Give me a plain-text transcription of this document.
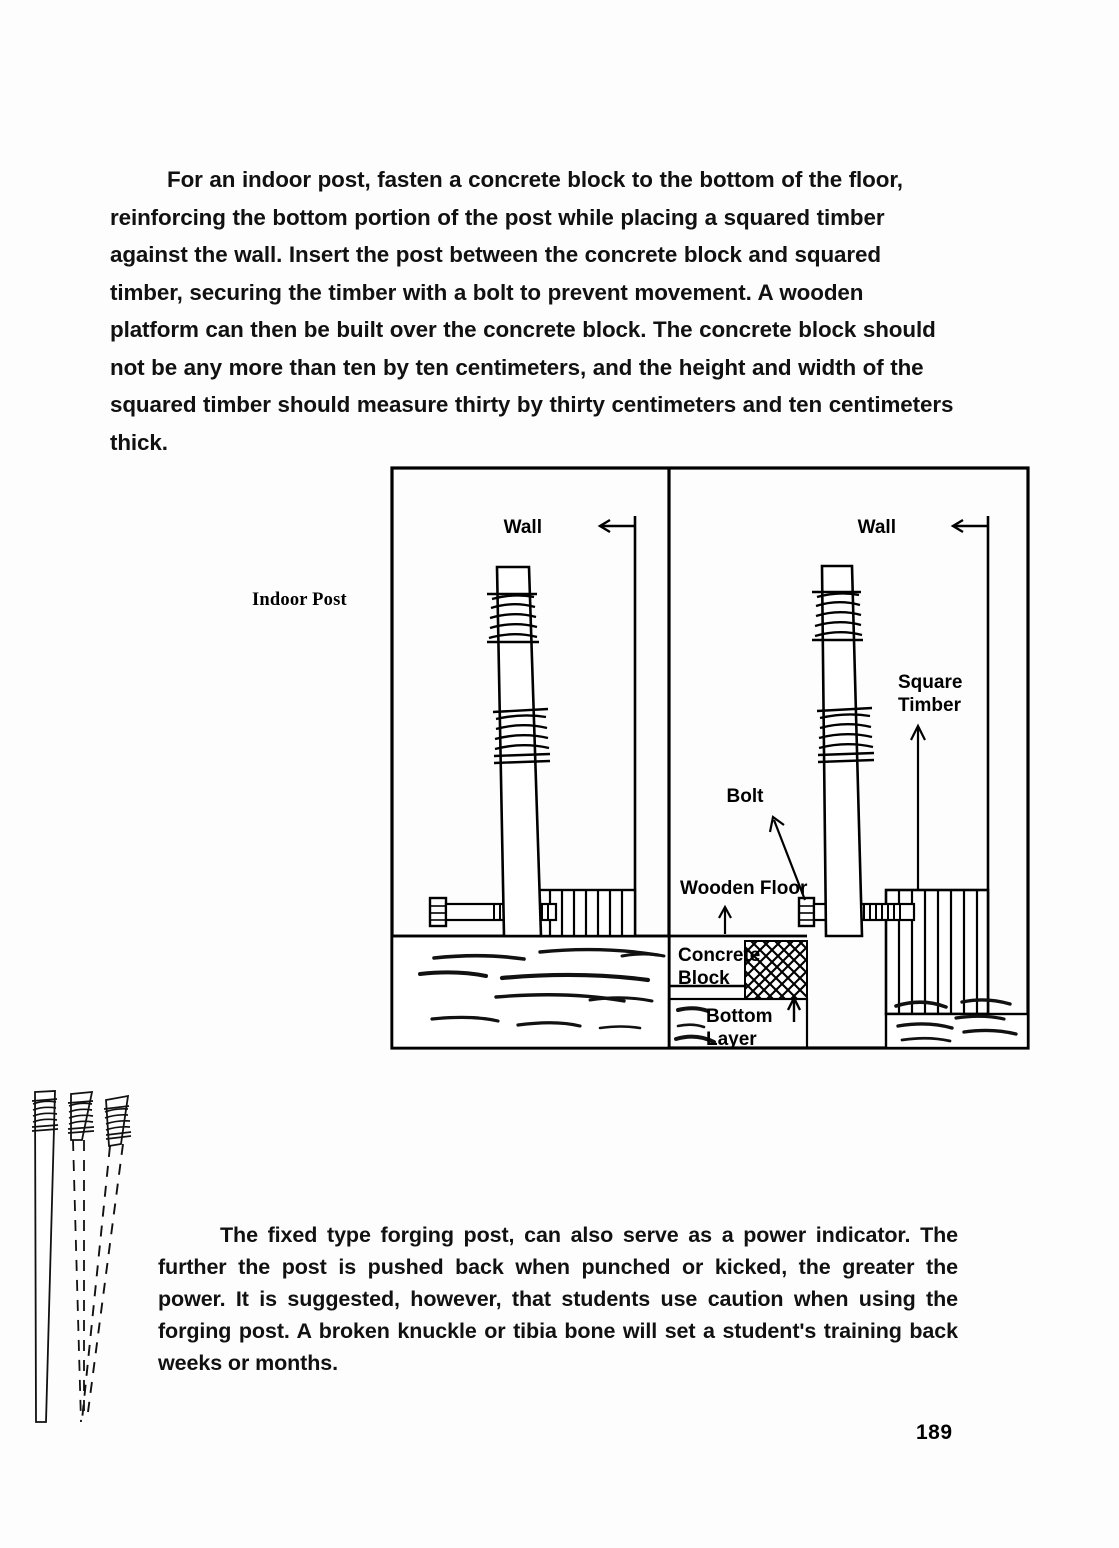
For an indoor post, fasten a concrete block to the bottom of the floor, reinforcing the bottom portion of the post while placing a squared timber against the wall. Insert the post between the concrete block and squared timber, securing the timber with a bolt to prevent movement. A wooden platform can then be built over the concrete block. The concrete block should not be any more than ten by ten centimeters, and the height and width of the squared timber should measure thirty by thirty centimeters and ten centimeters thick.

Indoor Post
Wall	Wall
Square
Timber
Bolt
Wooden Floor
Concrete
Block
Bottom
Layer

The fixed type forging post, can also serve as a power indicator. The further the post is pushed back when punched or kicked, the greater the power. It is suggested, however, that students use caution when using the forging post. A broken knuckle or tibia bone will set a student's training back weeks or months.

189
